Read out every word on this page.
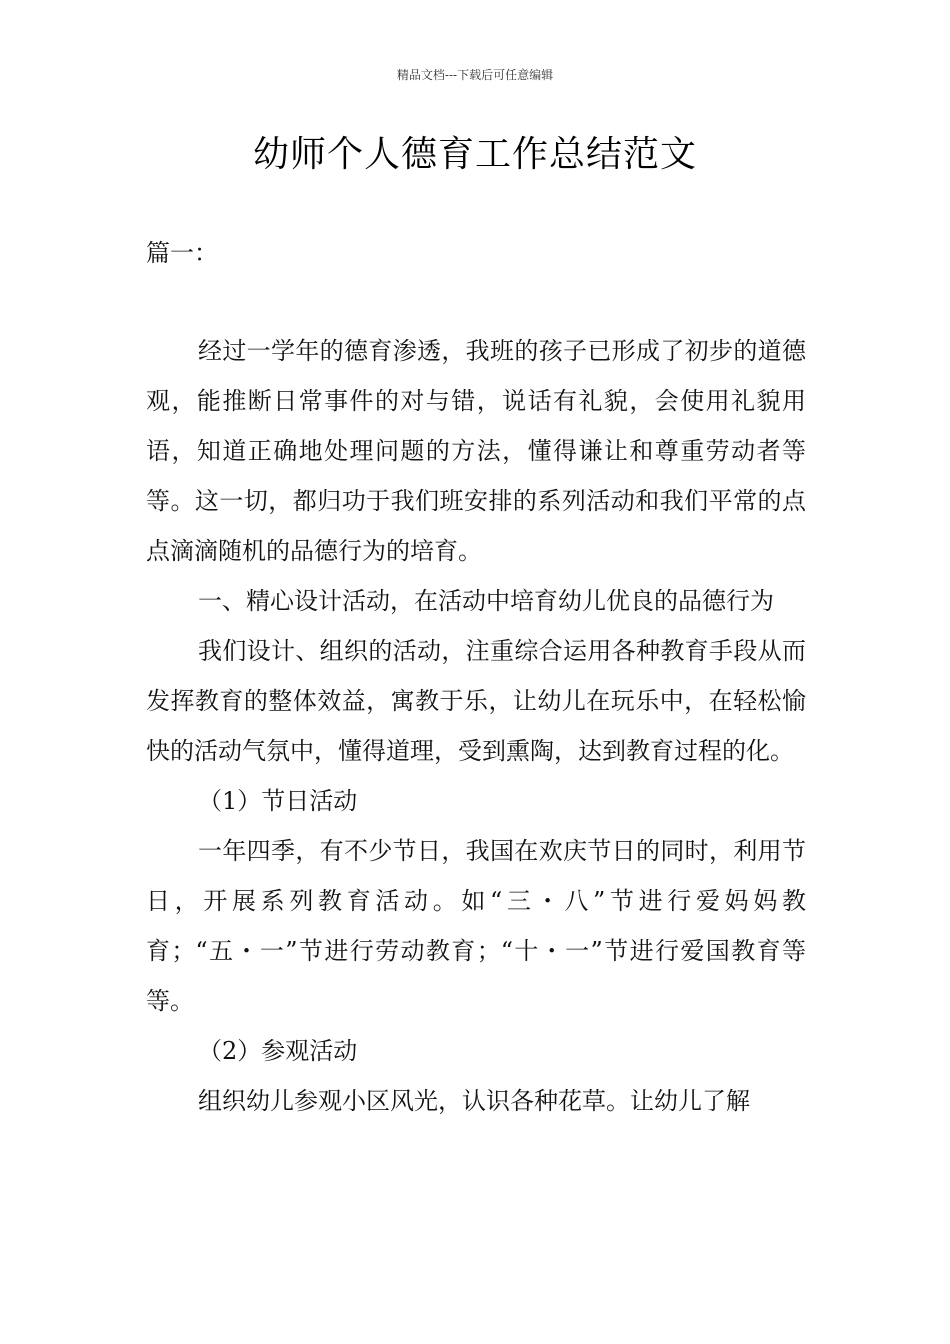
精品文档---下载后可任意编辑
幼师个人德育工作总结范文
篇一：

经过一学年的德育渗透，我班的孩子已形成了初步的道德观，能推断日常事件的对与错，说话有礼貌，会使用礼貌用语，知道正确地处理问题的方法，懂得谦让和尊重劳动者等等。这一切，都归功于我们班安排的系列活动和我们平常的点点滴滴随机的品德行为的培育。

一、精心设计活动，在活动中培育幼儿优良的品德行为

我们设计、组织的活动，注重综合运用各种教育手段从而发挥教育的整体效益，寓教于乐，让幼儿在玩乐中，在轻松愉快的活动气氛中，懂得道理，受到熏陶，达到教育过程的化。

（1）节日活动

一年四季，有不少节日，我国在欢庆节日的同时，利用节日，开展系列教育活动。如“三・八”节进行爱妈妈教育；“五・一”节进行劳动教育；“十・一”节进行爱国教育等等。

（2）参观活动

组织幼儿参观小区风光，认识各种花草。让幼儿了解
